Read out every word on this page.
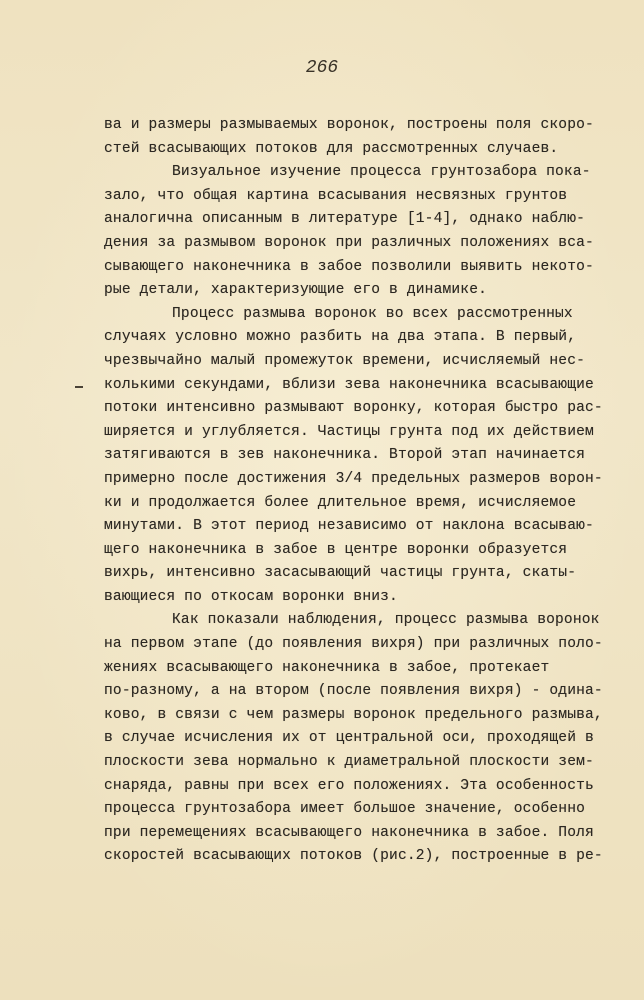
266
ва и размеры размываемых воронок, построены поля скоро-
стей всасывающих потоков для рассмотренных случаев.
Визуальное изучение процесса грунтозабора пока-
зало, что общая картина всасывания несвязных грунтов
аналогична описанным в литературе [1-4], однако наблю-
дения за размывом воронок при различных положениях вса-
сывающего наконечника в забое позволили выявить некото-
рые детали, характеризующие его в динамике.
Процесс размыва воронок во всех рассмотренных
случаях условно можно разбить на два этапа. В первый,
чрезвычайно малый промежуток времени, исчисляемый нес-
колькими секундами, вблизи зева наконечника всасывающие
потоки интенсивно размывают воронку, которая быстро рас-
ширяется и углубляется. Частицы грунта под их действием
затягиваются в зев наконечника. Второй этап начинается
примерно после достижения 3/4 предельных размеров ворон-
ки и продолжается более длительное время, исчисляемое
минутами. В этот период независимо от наклона всасываю-
щего наконечника в забое в центре воронки образуется
вихрь, интенсивно засасывающий частицы грунта, скаты-
вающиеся по откосам воронки вниз.
Как показали наблюдения, процесс размыва воронок
на первом этапе (до появления вихря) при различных поло-
жениях всасывающего наконечника в забое, протекает
по-разному, а на втором (после появления вихря) - одина-
ково, в связи с чем размеры воронок предельного размыва,
в случае исчисления их от центральной оси, проходящей в
плоскости зева нормально к диаметральной плоскости зем-
снаряда, равны при всех его положениях. Эта особенность
процесса грунтозабора имеет большое значение, особенно
при перемещениях всасывающего наконечника в забое. Поля
скоростей всасывающих потоков (рис.2), построенные в ре-
